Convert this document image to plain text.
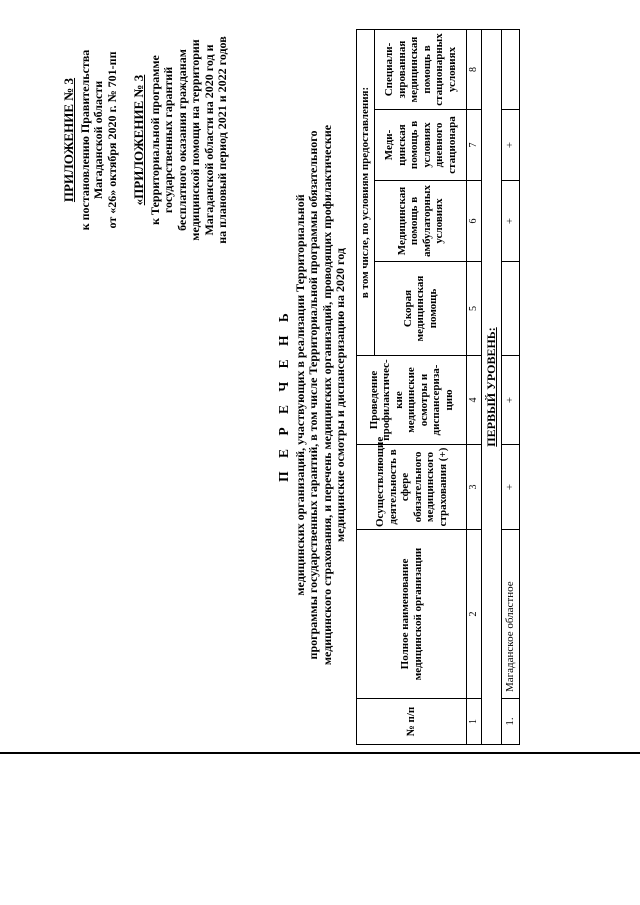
ПРИЛОЖЕНИЕ № 3 к постановлению Правительства Магаданской области от «26» октября 2020 г. № 701-пп «ПРИЛОЖЕНИЕ № 3 к Территориальной программе государственных гарантий бесплатного оказания гражданам медицинской помощи на территории Магаданской области на 2020 год и на плановый период 2021 и 2022 годов
П Е Р Е Ч Е Н Ь медицинских организаций, участвующих в реализации Территориальной программы государственных гарантий, в том числе Территориальной программы обязательного медицинского страхования, и перечень медицинских организаций, проводящих профилактические медицинские осмотры и диспансеризацию на 2020 год
№ п/п	Полное наименование медицинской организации	Осуществляющие деятельность в сфере обязательного медицинского страхования (+)	Проведение профилактичес-кие медицинские осмотры и диспансериза-цию	в том числе, по условиям предоставления:			
				Скорая медицинская помощь	Медицинская помощь в амбулаторных условиях	Меди-цинская помощь в условиях дневного стационара	Специали-зированная медицинская помощь в стационарных условиях
1	2	3	4	5	6	7	8
ПЕРВЫЙ УРОВЕНЬ:							
1.	Магаданское областное	+	+		+	+	
